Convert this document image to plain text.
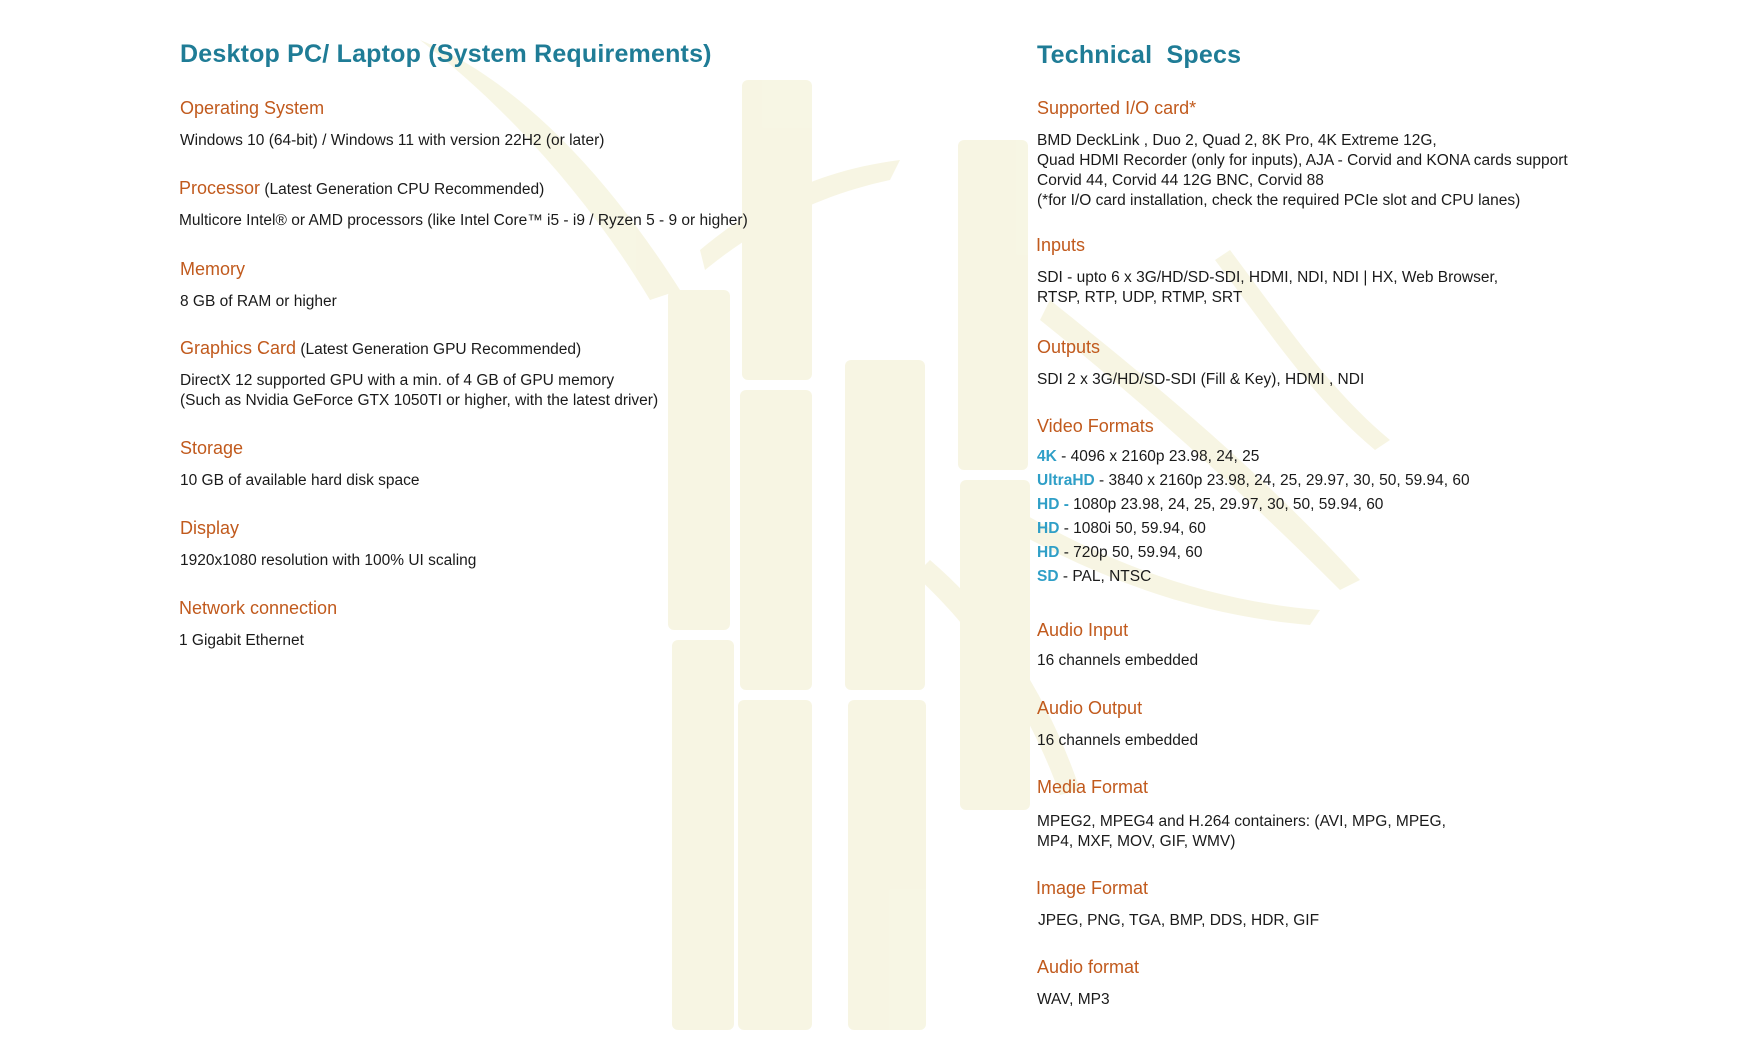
Desktop PC/ Laptop (System Requirements)
Operating System
Windows 10 (64-bit) / Windows 11 with version 22H2 (or later)
Processor (Latest Generation CPU Recommended)
Multicore Intel® or AMD processors (like Intel Core™ i5 - i9 / Ryzen 5 - 9 or higher)
Memory
8 GB of RAM or higher
Graphics Card (Latest Generation GPU Recommended)
DirectX 12 supported GPU with a min. of 4 GB of GPU memory
(Such as Nvidia GeForce GTX 1050TI or higher, with the latest driver)
Storage
10 GB of available hard disk space
Display
1920x1080 resolution with 100% UI scaling
Network connection
1 Gigabit Ethernet
Technical  Specs
Supported I/O card*
BMD DeckLink , Duo 2, Quad 2, 8K Pro, 4K Extreme 12G,
Quad HDMI Recorder (only for inputs), AJA - Corvid and KONA cards support
Corvid 44, Corvid 44 12G BNC, Corvid 88
(*for I/O card installation, check the required PCIe slot and CPU lanes)
Inputs
SDI - upto 6 x 3G/HD/SD-SDI, HDMI, NDI, NDI | HX, Web Browser,
RTSP, RTP, UDP, RTMP, SRT
Outputs
SDI 2 x 3G/HD/SD-SDI (Fill & Key), HDMI , NDI
Video Formats
4K - 4096 x 2160p 23.98, 24, 25
UltraHD - 3840 x 2160p 23.98, 24, 25, 29.97, 30, 50, 59.94, 60
HD - 1080p 23.98, 24, 25, 29.97, 30, 50, 59.94, 60
HD - 1080i 50, 59.94, 60
HD - 720p 50, 59.94, 60
SD - PAL, NTSC
Audio Input
16 channels embedded
Audio Output
16 channels embedded
Media Format
MPEG2, MPEG4 and H.264 containers: (AVI, MPG, MPEG,
MP4, MXF, MOV, GIF, WMV)
Image Format
JPEG, PNG, TGA, BMP, DDS, HDR, GIF
Audio format
WAV, MP3
